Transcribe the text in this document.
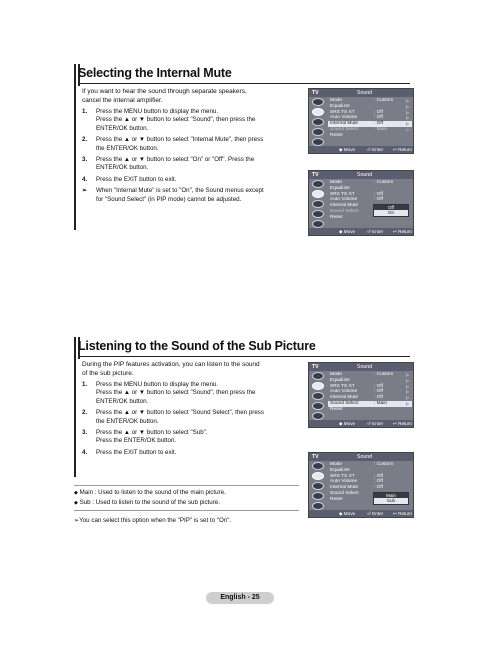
Selecting the Internal Mute
If you want to hear the sound through separate speakers,
cancel the internal amplifier.
1. Press the MENU button to display the menu.
Press the ▲ or ▼ button to select "Sound", then press the
ENTER/OK button.
2. Press the ▲ or ▼ button to select "Internal Mute", then press
the ENTER/OK button.
3. Press the ▲ or ▼ button to select "On" or "Off". Press the
ENTER/OK button.
4. Press the EXIT button to exit.
➢ When "Internal Mute" is set to "On", the Sound menus except
for "Sound Select" (in PIP mode) cannot be adjusted.
Listening to the Sound of the Sub Picture
During the PIP features activation, you can listen to the sound
of the sub picture.
1. Press the MENU button to display the menu.
Press the ▲ or ▼ button to select "Sound", then press the
ENTER/OK button.
2. Press the ▲ or ▼ button to select "Sound Select", then press
the ENTER/OK button.
3. Press the ▲ or ▼ button to select "Sub".
Press the ENTER/OK button.
4. Press the EXIT button to exit.
◆ Main : Used to listen to the sound of the main picture.
◆ Sub : Used to listen to the sound of the sub picture.
➢You can select this option when the "PIP" is set to "On".
TV	Sound
Mode	: Custom	▷
Equalizer	▷
SRS TS XT	: Off	▷
Auto Volume	: Off	▷
Internal Mute	: Off	▷
Sound Select	: Main	▷
Reset
◆ Move	⏎ Enter ↩ Return
TV	Sound
Mode	: Custom
Equalizer
SRS TS XT	: Off
Auto Volume	: Off
Internal Mute
Sound Select
Reset
Off
On
◆ Move	⏎ Enter ↩ Return
TV	Sound
Mode	: Custom	▷
Equalizer	▷
SRS TS XT	: Off	▷
Auto Volume	: Off	▷
Internal Mute	: Off	▷
Sound Select	: Main	▷
Reset
◆ Move	⏎ Enter ↩ Return
TV	Sound
Mode	: Custom
Equalizer
SRS TS XT	: Off
Auto Volume	: Off
Internal Mute	: Off
Sound Select
Reset
Main
Sub
◆ Move	⏎ Enter ↩ Return
English - 25
